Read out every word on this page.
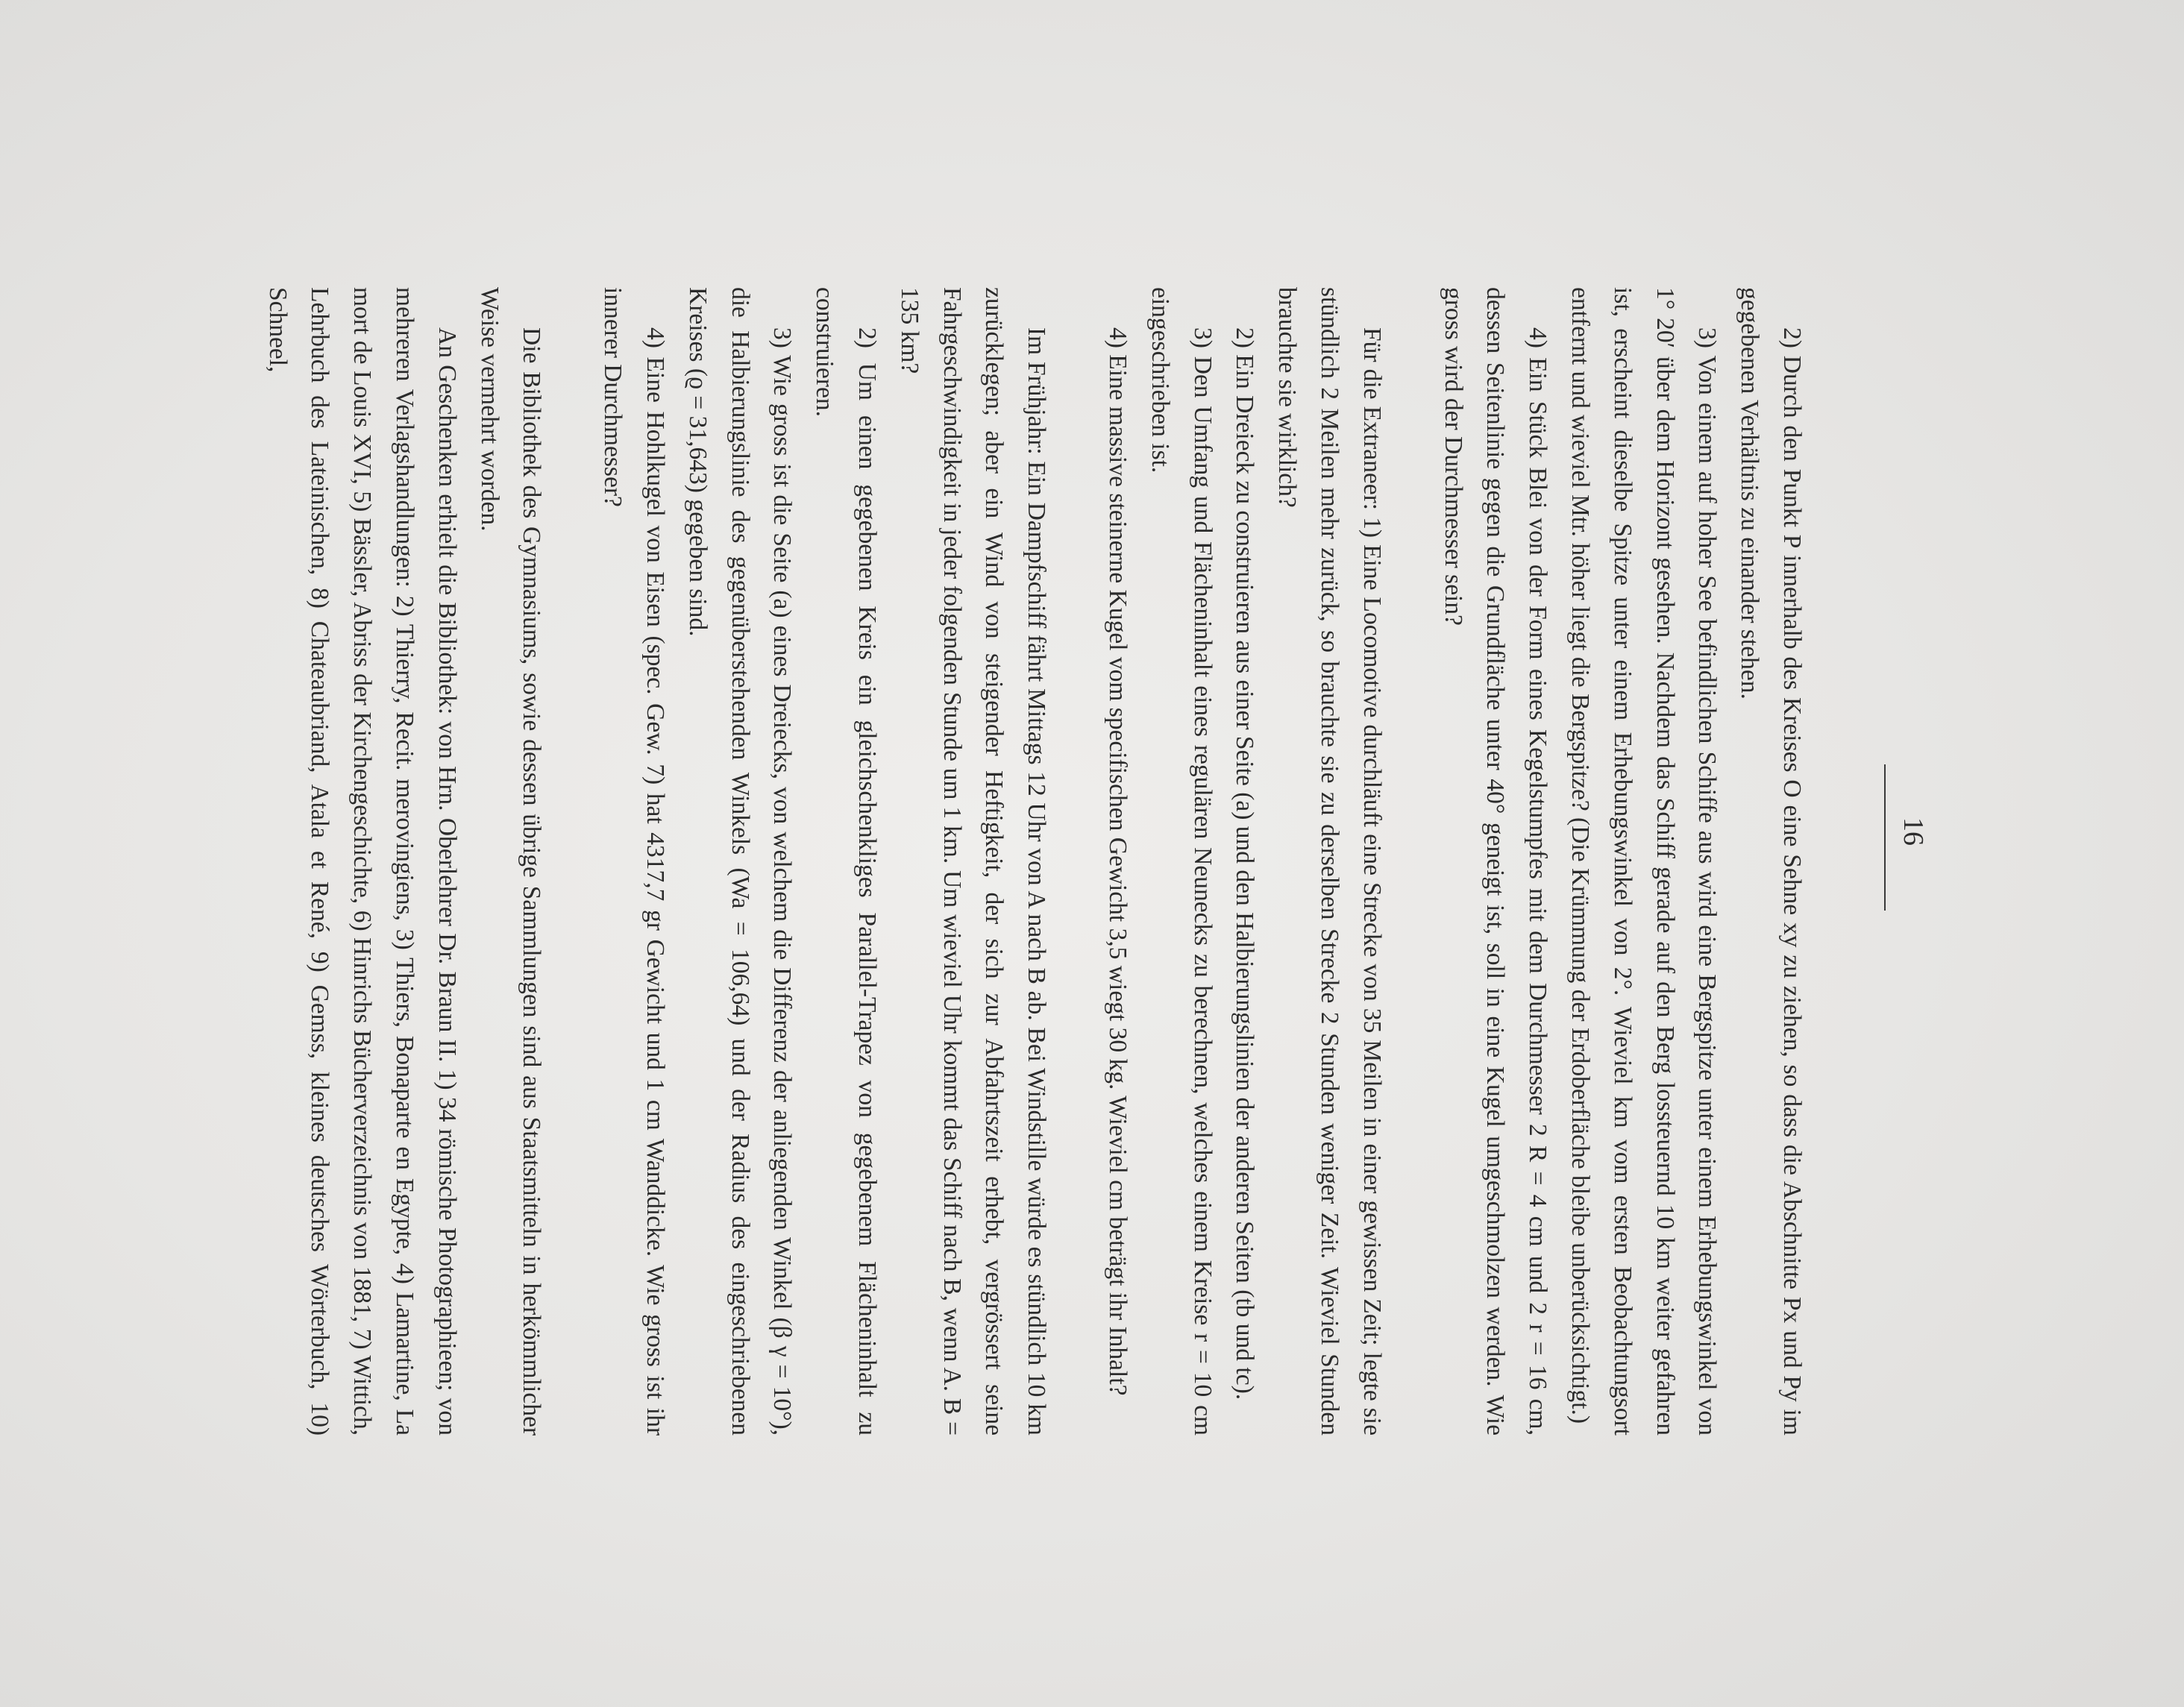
16

2) Durch den Punkt P innerhalb des Kreises O eine Sehne xy zu ziehen, so dass die Abschnitte Px und Py im gegebenen Verhältnis zu einander stehen.

3) Von einem auf hoher See befindlichen Schiffe aus wird eine Bergspitze unter einem Erhebungswinkel von 1° 20′ über dem Horizont gesehen. Nachdem das Schiff gerade auf den Berg lossteuernd 10 km weiter gefahren ist, erscheint dieselbe Spitze unter einem Erhebungswinkel von 2°. Wieviel km vom ersten Beobachtungsort entfernt und wieviel Mtr. höher liegt die Bergspitze? (Die Krümmung der Erdoberfläche bleibe unberücksichtigt.)

4) Ein Stück Blei von der Form eines Kegelstumpfes mit dem Durchmesser 2 R = 4 cm und 2 r = 16 cm, dessen Seitenlinie gegen die Grundfläche unter 40° geneigt ist, soll in eine Kugel umgeschmolzen werden. Wie gross wird der Durchmesser sein?

Für die Extraneer: 1) Eine Locomotive durchläuft eine Strecke von 35 Meilen in einer gewissen Zeit; legte sie stündlich 2 Meilen mehr zurück, so brauchte sie zu derselben Strecke 2 Stunden weniger Zeit. Wieviel Stunden brauchte sie wirklich?

2) Ein Dreieck zu construieren aus einer Seite (a) und den Halbierungslinien der anderen Seiten (tb und tc).

3) Den Umfang und Flächeninhalt eines regulären Neunecks zu berechnen, welches einem Kreise r = 10 cm eingeschrieben ist.

4) Eine massive steinerne Kugel vom specifischen Gewicht 3,5 wiegt 30 kg. Wieviel cm beträgt ihr Inhalt?

Im Frühjahr: Ein Dampfschiff fährt Mittags 12 Uhr von A nach B ab. Bei Windstille würde es stündlich 10 km zurücklegen; aber ein Wind von steigender Heftigkeit, der sich zur Abfahrtszeit erhebt, vergrössert seine Fahrgeschwindigkeit in jeder folgenden Stunde um 1 km. Um wieviel Uhr kommt das Schiff nach B, wenn A. B = 135 km?

2) Um einen gegebenen Kreis ein gleichschenkliges Parallel-Trapez von gegebenem Flächeninhalt zu construieren.

3) Wie gross ist die Seite (a) eines Dreiecks, von welchem die Differenz der anliegenden Winkel (β γ = 10°), die Halbierungslinie des gegenüberstehenden Winkels (Wa = 106,64) und der Radius des eingeschriebenen Kreises (ϱ = 31,643) gegeben sind.

4) Eine Hohlkugel von Eisen (spec. Gew. 7) hat 4317,7 gr Gewicht und 1 cm Wanddicke. Wie gross ist ihr innerer Durchmesser?

Die Bibliothek des Gymnasiums, sowie dessen übrige Sammlungen sind aus Staatsmitteln in herkömmlicher Weise vermehrt worden.

An Geschenken erhielt die Bibliothek: von Hrn. Oberlehrer Dr. Braun II. 1) 34 römische Photographieen; von mehreren Verlagshandlungen: 2) Thierry, Recit. merovingiens, 3) Thiers, Bonaparte en Egypte, 4) Lamartine, La mort de Louis XVI, 5) Bässler, Abriss der Kirchengeschichte, 6) Hinrichs Bücherverzeichnis von 1881, 7) Wittich, Lehrbuch des Lateinischen, 8) Chateaubriand, Atala et René, 9) Gemss, kleines deutsches Wörterbuch, 10) Schneel,
